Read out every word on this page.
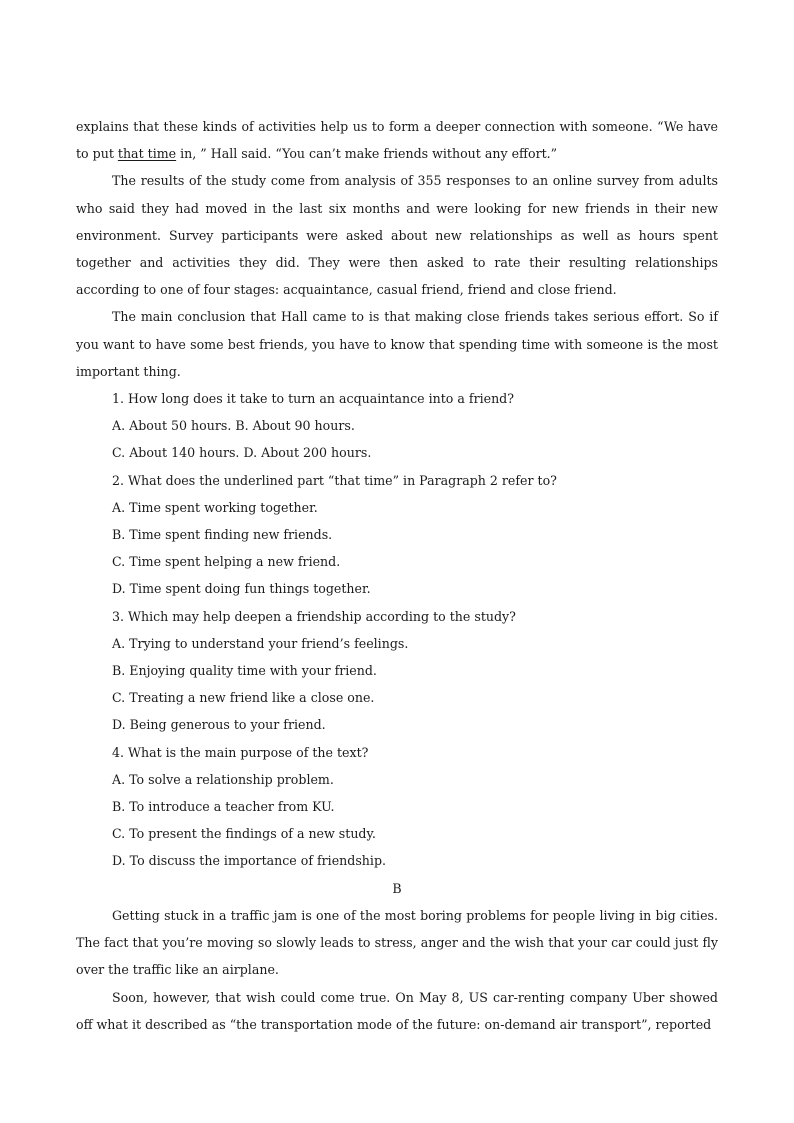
explains that these kinds of activities help us to form a deeper connection with someone. “We have to put that time in, ” Hall said. “You can’t make friends without any effort.”

The results of the study come from analysis of 355 responses to an online survey from adults who said they had moved in the last six months and were looking for new friends in their new environment. Survey participants were asked about new relationships as well as hours spent together and activities they did. They were then asked to rate their resulting relationships according to one of four stages: acquaintance, casual friend, friend and close friend.

The main conclusion that Hall came to is that making close friends takes serious effort. So if you want to have some best friends, you have to know that spending time with someone is the most important thing.

1. How long does it take to turn an acquaintance into a friend?

A. About 50 hours. B. About 90 hours.

C. About 140 hours. D. About 200 hours.

2. What does the underlined part “that time” in Paragraph 2 refer to?

A. Time spent working together.

B. Time spent finding new friends.

C. Time spent helping a new friend.

D. Time spent doing fun things together.

3. Which may help deepen a friendship according to the study?

A. Trying to understand your friend’s feelings.

B. Enjoying quality time with your friend.

C. Treating a new friend like a close one.

D. Being generous to your friend.

4. What is the main purpose of the text?

A. To solve a relationship problem.

B. To introduce a teacher from KU.

C. To present the findings of a new study.

D. To discuss the importance of friendship.

B

Getting stuck in a traffic jam is one of the most boring problems for people living in big cities. The fact that you’re moving so slowly leads to stress, anger and the wish that your car could just fly over the traffic like an airplane.

Soon, however, that wish could come true. On May 8, US car-renting company Uber showed off what it described as “the transportation mode of the future: on-demand air transport”, reported
